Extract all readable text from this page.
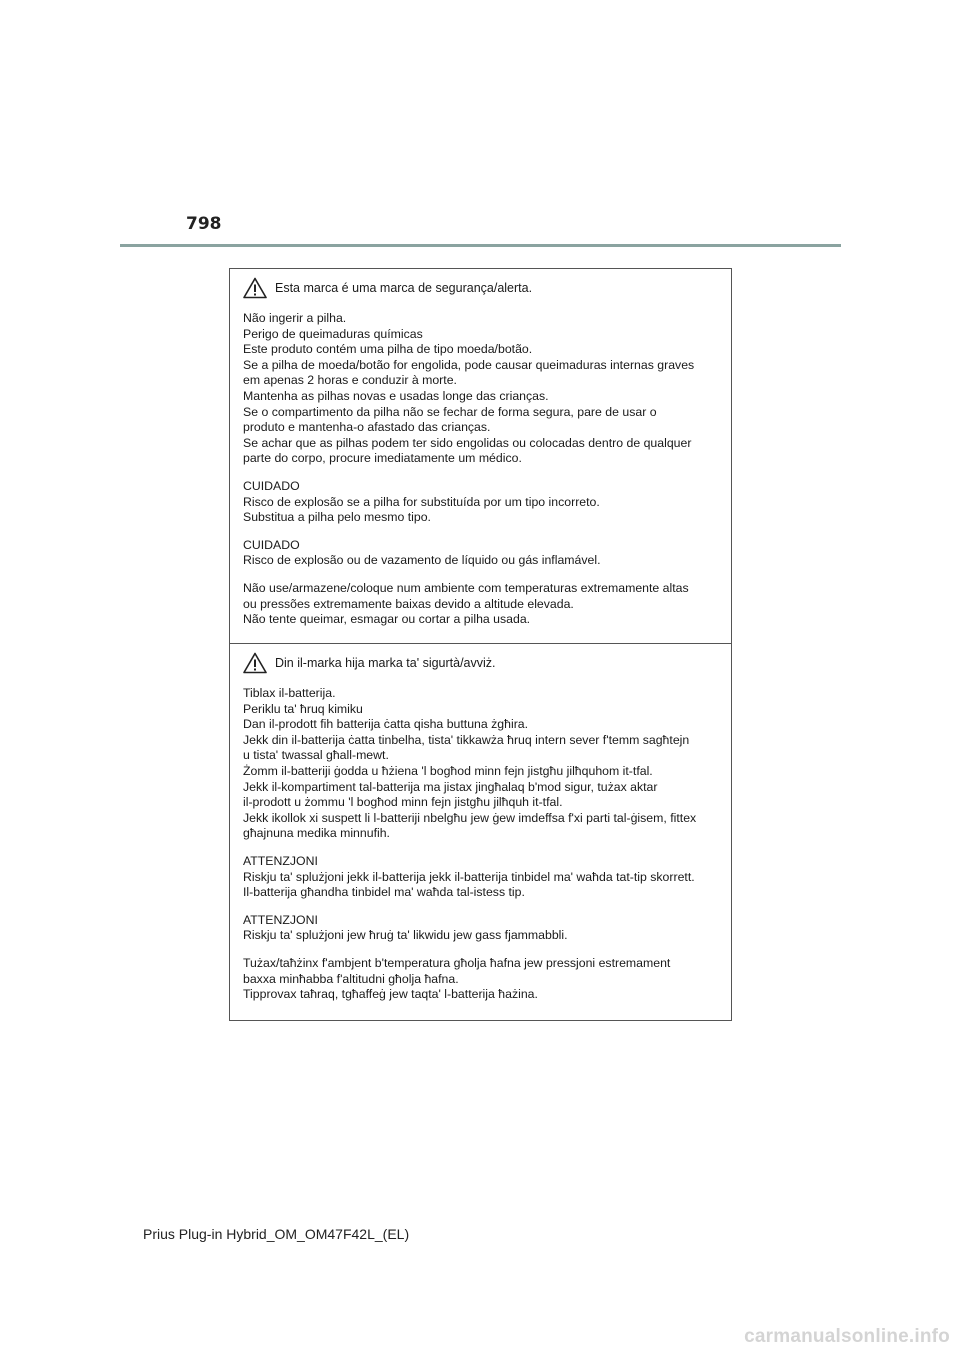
798
Esta marca é uma marca de segurança/alerta.
Não ingerir a pilha.
Perigo de queimaduras químicas
Este produto contém uma pilha de tipo moeda/botão.
Se a pilha de moeda/botão for engolida, pode causar queimaduras internas graves
em apenas 2 horas e conduzir à morte.
Mantenha as pilhas novas e usadas longe das crianças.
Se o compartimento da pilha não se fechar de forma segura, pare de usar o
produto e mantenha-o afastado das crianças.
Se achar que as pilhas podem ter sido engolidas ou colocadas dentro de qualquer
parte do corpo, procure imediatamente um médico.
CUIDADO
Risco de explosão se a pilha for substituída por um tipo incorreto.
Substitua a pilha pelo mesmo tipo.
CUIDADO
Risco de explosão ou de vazamento de líquido ou gás inflamável.
Não use/armazene/coloque num ambiente com temperaturas extremamente altas
ou pressões extremamente baixas devido a altitude elevada.
Não tente queimar, esmagar ou cortar a pilha usada.
Din il-marka hija marka ta' sigurtà/avviż.
Tiblax il-batterija.
Periklu ta' ħruq kimiku
Dan il-prodott fih batterija ċatta qisha buttuna żgħira.
Jekk din il-batterija ċatta tinbelha, tista' tikkawża ħruq intern sever f'temm sagħtejn
u tista' twassal għall-mewt.
Żomm il-batteriji ġodda u ħżiena 'l bogħod minn fejn jistgħu jilħquhom it-tfal.
Jekk il-kompartiment tal-batterija ma jistax jingħalaq b'mod sigur, tużax aktar
il-prodott u żommu 'l bogħod minn fejn jistgħu jilħquh it-tfal.
Jekk ikollok xi suspett li l-batteriji nbelgħu jew ġew imdeffsa f'xi parti tal-ġisem, fittex
għajnuna medika minnufih.
ATTENZJONI
Riskju ta' splużjoni jekk il-batterija jekk il-batterija tinbidel ma' waħda tat-tip skorrett.
Il-batterija għandha tinbidel ma' waħda tal-istess tip.
ATTENZJONI
Riskju ta' splużjoni jew ħruġ ta' likwidu jew gass fjammabbli.
Tużax/taħżinx f'ambjent b'temperatura għolja ħafna jew pressjoni estremament
baxxa minħabba f'altitudni għolja ħafna.
Tipprovax taħraq, tgħaffeġ jew taqta' l-batterija ħażina.
Prius Plug-in Hybrid_OM_OM47F42L_(EL)
carmanualsonline.info
